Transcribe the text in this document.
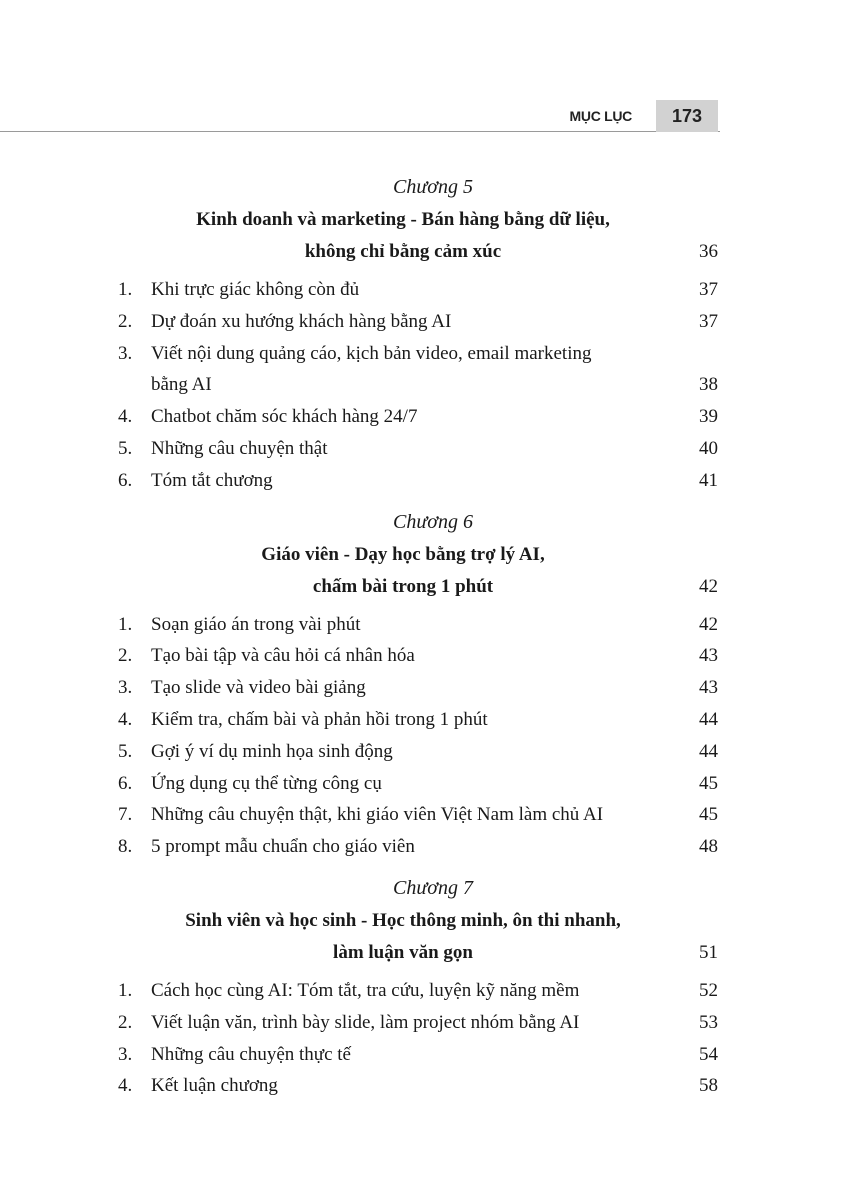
MỤC LỤC 173
Chương 5
Kinh doanh và marketing - Bán hàng bằng dữ liệu,
không chỉ bằng cảm xúc	36
1. Khi trực giác không còn đủ	37
2. Dự đoán xu hướng khách hàng bằng AI	37
3. Viết nội dung quảng cáo, kịch bản video, email marketing bằng AI	38
4. Chatbot chăm sóc khách hàng 24/7	39
5. Những câu chuyện thật	40
6. Tóm tắt chương	41
Chương 6
Giáo viên - Dạy học bằng trợ lý AI,
chấm bài trong 1 phút	42
1. Soạn giáo án trong vài phút	42
2. Tạo bài tập và câu hỏi cá nhân hóa	43
3. Tạo slide và video bài giảng	43
4. Kiểm tra, chấm bài và phản hồi trong 1 phút	44
5. Gợi ý ví dụ minh họa sinh động	44
6. Ứng dụng cụ thể từng công cụ	45
7. Những câu chuyện thật, khi giáo viên Việt Nam làm chủ AI	45
8. 5 prompt mẫu chuẩn cho giáo viên	48
Chương 7
Sinh viên và học sinh - Học thông minh, ôn thi nhanh,
làm luận văn gọn	51
1. Cách học cùng AI: Tóm tắt, tra cứu, luyện kỹ năng mềm	52
2. Viết luận văn, trình bày slide, làm project nhóm bằng AI	53
3. Những câu chuyện thực tế	54
4. Kết luận chương	58
